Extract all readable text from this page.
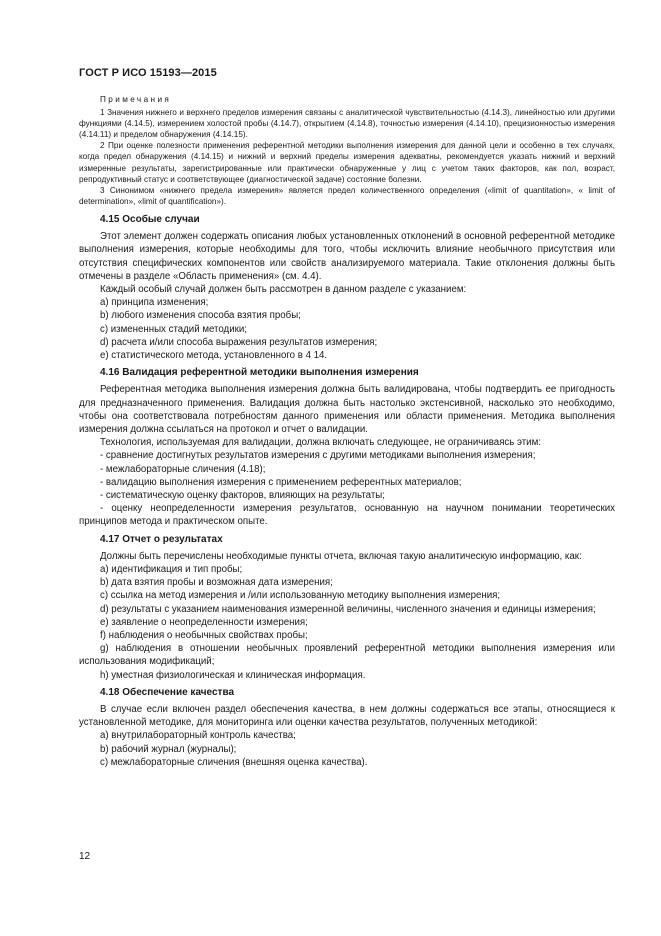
ГОСТ Р ИСО 15193—2015

Примечания

1 Значения нижнего и верхнего пределов измерения связаны с аналитической чувствительностью (4.14.3), линейностью или другими функциями (4.14.5), измерением холостой пробы (4.14.7), открытием (4.14.8), точностью измерения (4.14.10), прецизионностью измерения (4.14.11) и пределом обнаружения (4.14.15).

2 При оценке полезности применения референтной методики выполнения измерения для данной цели и особенно в тех случаях, когда предел обнаружения (4.14.15) и нижний и верхний пределы измерения адекватны, рекомендуется указать нижний и верхний измеренные результаты, зарегистрированные или практически обнаруженные у лиц с учетом таких факторов, как пол, возраст, репродуктивный статус и соответствующее (диагностической задаче) состояние болезни.

3 Синонимом «нижнего предела измерения» является предел количественного определения («limit of quantitation», « limit of determination», «limit of quantification»).

4.15 Особые случаи

Этот элемент должен содержать описания любых установленных отклонений в основной референтной методике выполнения измерения, которые необходимы для того, чтобы исключить влияние необычного присутствия или отсутствия специфических компонентов или свойств анализируемого материала. Такие отклонения должны быть отмечены в разделе «Область применения» (см. 4.4).

Каждый особый случай должен быть рассмотрен в данном разделе с указанием:

a) принципа изменения;

b) любого изменения способа взятия пробы;

c) измененных стадий методики;

d) расчета и/или способа выражения результатов измерения;

e) статистического метода, установленного в 4 14.

4.16 Валидация референтной методики выполнения измерения

Референтная методика выполнения измерения должна быть валидирована, чтобы подтвердить ее пригодность для предназначенного применения. Валидация должна быть настолько экстенсивной, насколько это необходимо, чтобы она соответствовала потребностям данного применения или области применения. Методика выполнения измерения должна ссылаться на протокол и отчет о валидации.

Технология, используемая для валидации, должна включать следующее, не ограничиваясь этим:

- сравнение достигнутых результатов измерения с другими методиками выполнения измерения;

- межлабораторные сличения (4.18);

- валидацию выполнения измерения с применением референтных материалов;

- систематическую оценку факторов, влияющих на результаты;

- оценку неопределенности измерения результатов, основанную на научном понимании теоретических принципов метода и практическом опыте.

4.17 Отчет о результатах

Должны быть перечислены необходимые пункты отчета, включая такую аналитическую информацию, как:

a) идентификация и тип пробы;

b) дата взятия пробы и возможная дата измерения;

c) ссылка на метод измерения и /или использованную методику выполнения измерения;

d) результаты с указанием наименования измеренной величины, численного значения и единицы измерения;

e) заявление о неопределенности измерения;

f) наблюдения о необычных свойствах пробы;

g) наблюдения в отношении необычных проявлений референтной методики выполнения измерения или использования модификаций;

h) уместная физиологическая и клиническая информация.

4.18 Обеспечение качества

В случае если включен раздел обеспечения качества, в нем должны содержаться все этапы, относящиеся к установленной методике, для мониторинга или оценки качества результатов, полученных методикой:

a) внутрилабораторный контроль качества;

b) рабочий журнал (журналы);

c) межлабораторные сличения (внешняя оценка качества).

12
